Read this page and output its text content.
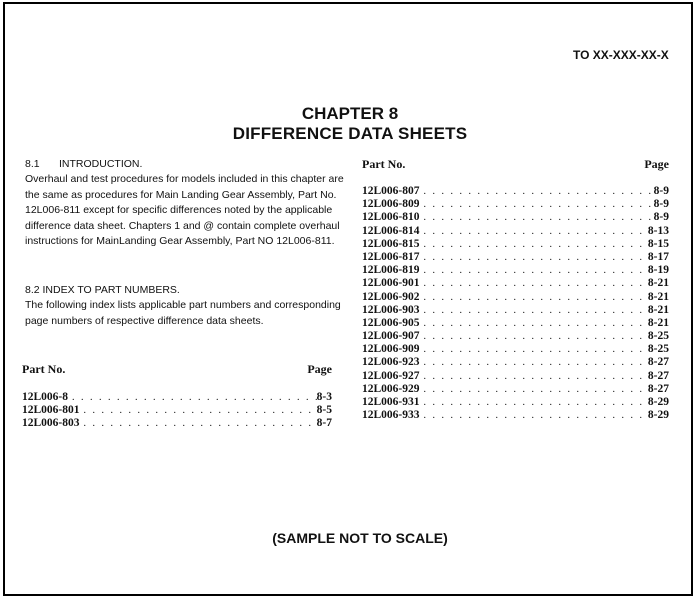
TO XX-XXX-XX-X
CHAPTER 8
DIFFERENCE DATA SHEETS

8.1 INTRODUCTION.

Overhaul and test procedures for models included in this chapter are the same as procedures for Main Landing Gear Assembly, Part No. 12L006-811 except for specific differences noted by the applicable difference data sheet. Chapters 1 and @ contain complete overhaul instructions for MainLanding Gear Assembly, Part NO 12L006-811.

8.2 INDEX TO PART NUMBERS.

The following index lists applicable part numbers and corresponding page numbers of respective difference data sheets.

Part No.	Page
12L006-8 . . .	8-3
12L006-801 . . .	8-5
12L006-803 . . .	8-7
Part No.	Page
12L006-807 . . .	8-9
12L006-809 . . .	8-9
12L006-810 . . .	8-9
12L006-814 . . .	8-13
12L006-815 . . .	8-15
12L006-817 . . .	8-17
12L006-819 . . .	8-19
12L006-901 . . .	8-21
12L006-902 . . .	8-21
12L006-903 . . .	8-21
12L006-905 . . .	8-21
12L006-907 . . .	8-25
12L006-909 . . .	8-25
12L006-923 . . .	8-27
12L006-927 . . .	8-27
12L006-929 . . .	8-27
12L006-931 . . .	8-29
12L006-933 . . .	8-29
(SAMPLE NOT TO SCALE)
